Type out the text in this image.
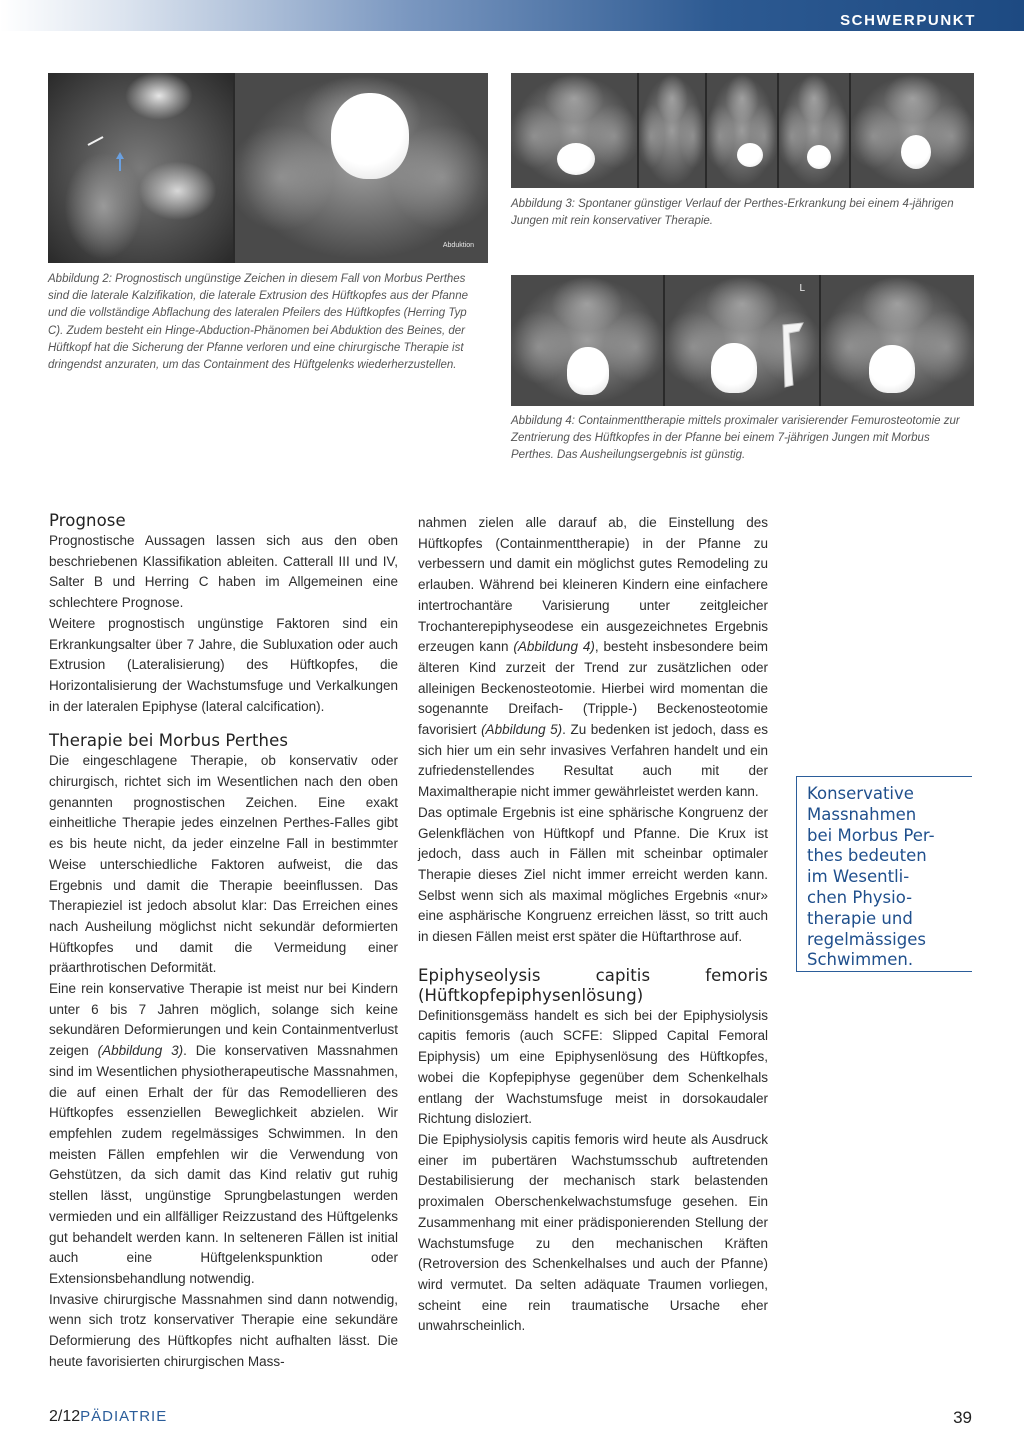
SCHWERPUNKT
Abduktion

Abbildung 2: Prognostisch ungünstige Zeichen in diesem Fall von Morbus Perthes sind die laterale Kalzifikation, die laterale Extrusion des Hüftkopfes aus der Pfanne und die vollständige Abflachung des lateralen Pfeilers des Hüftkopfes (Herring Typ C). Zudem besteht ein Hinge-Abduction-Phänomen bei Abduktion des Beines, der Hüftkopf hat die Sicherung der Pfanne verloren und eine chirurgische Therapie ist dringendst anzuraten, um das Containment des Hüftgelenks wiederherzustellen.

Abbildung 3: Spontaner günstiger Verlauf der Perthes-Erkrankung bei einem 4-jährigen Jungen mit rein konservativer Therapie.

L

Abbildung 4: Containmenttherapie mittels proximaler varisierender Femurosteotomie zur Zentrierung des Hüftkopfes in der Pfanne bei einem 7-jährigen Jungen mit Morbus Perthes. Das Ausheilungsergebnis ist günstig.

Prognose

Prognostische Aussagen lassen sich aus den oben beschriebenen Klassifikation ableiten. Catterall III und IV, Salter B und Herring C haben im Allgemeinen eine schlechtere Prognose.

Weitere prognostisch ungünstige Faktoren sind ein Erkrankungsalter über 7 Jahre, die Subluxation oder auch Extrusion (Lateralisierung) des Hüftkopfes, die Horizontalisierung der Wachstumsfuge und Verkalkungen in der lateralen Epiphyse (lateral calcification).

Therapie bei Morbus Perthes

Die eingeschlagene Therapie, ob konservativ oder chirurgisch, richtet sich im Wesentlichen nach den oben genannten prognostischen Zeichen. Eine exakt einheitliche Therapie jedes einzelnen Perthes-Falles gibt es bis heute nicht, da jeder einzelne Fall in bestimmter Weise unterschiedliche Faktoren aufweist, die das Ergebnis und damit die Therapie beeinflussen. Das Therapieziel ist jedoch absolut klar: Das Erreichen eines nach Ausheilung möglichst nicht sekundär deformierten Hüftkopfes und damit die Vermeidung einer präarthrotischen Deformität.

Eine rein konservative Therapie ist meist nur bei Kindern unter 6 bis 7 Jahren möglich, solange sich keine sekundären Deformierungen und kein Containmentverlust zeigen (Abbildung 3). Die konservativen Massnahmen sind im Wesentlichen physiotherapeutische Massnahmen, die auf einen Erhalt der für das Remodellieren des Hüftkopfes essenziellen Beweglichkeit abzielen. Wir empfehlen zudem regelmässiges Schwimmen. In den meisten Fällen empfehlen wir die Verwendung von Gehstützen, da sich damit das Kind relativ gut ruhig stellen lässt, ungünstige Sprungbelastungen werden vermieden und ein allfälliger Reizzustand des Hüftgelenks gut behandelt werden kann. In selteneren Fällen ist initial auch eine Hüftgelenkspunktion oder Extensionsbehandlung notwendig.

Invasive chirurgische Massnahmen sind dann notwendig, wenn sich trotz konservativer Therapie eine sekundäre Deformierung des Hüftkopfes nicht aufhalten lässt. Die heute favorisierten chirurgischen Mass-

nahmen zielen alle darauf ab, die Einstellung des Hüftkopfes (Containmenttherapie) in der Pfanne zu verbessern und damit ein möglichst gutes Remodeling zu erlauben. Während bei kleineren Kindern eine einfachere intertrochantäre Varisierung unter zeitgleicher Trochanterepiphyseodese ein ausgezeichnetes Ergebnis erzeugen kann (Abbildung 4), besteht insbesondere beim älteren Kind zurzeit der Trend zur zusätzlichen oder alleinigen Beckenosteotomie. Hierbei wird momentan die sogenannte Dreifach- (Tripple-) Beckenosteotomie favorisiert (Abbildung 5). Zu bedenken ist jedoch, dass es sich hier um ein sehr invasives Verfahren handelt und ein zufriedenstellendes Resultat auch mit der Maximaltherapie nicht immer gewährleistet werden kann.

Das optimale Ergebnis ist eine sphärische Kongruenz der Gelenkflächen von Hüftkopf und Pfanne. Die Krux ist jedoch, dass auch in Fällen mit scheinbar optimaler Therapie dieses Ziel nicht immer erreicht werden kann. Selbst wenn sich als maximal mögliches Ergebnis «nur» eine asphärische Kongruenz erreichen lässt, so tritt auch in diesen Fällen meist erst später die Hüftarthrose auf.

Epiphyseolysis capitis femoris (Hüftkopfepiphysenlösung)

Definitionsgemäss handelt es sich bei der Epiphysiolysis capitis femoris (auch SCFE: Slipped Capital Femoral Epiphysis) um eine Epiphysenlösung des Hüftkopfes, wobei die Kopfepiphyse gegenüber dem Schenkelhals entlang der Wachstumsfuge meist in dorsokaudaler Richtung disloziert.

Die Epiphysiolysis capitis femoris wird heute als Ausdruck einer im pubertären Wachstumsschub auftretenden Destabilisierung der mechanisch stark belastenden proximalen Oberschenkelwachstumsfuge gesehen. Ein Zusammenhang mit einer prädisponierenden Stellung der Wachstumsfuge zu den mechanischen Kräften (Retroversion des Schenkelhalses und auch der Pfanne) wird vermutet. Da selten adäquate Traumen vorliegen, scheint eine rein traumatische Ursache eher unwahrscheinlich.

Konservative
Massnahmen
bei Morbus Per-
thes bedeuten
im Wesentli-
chen Physio-
therapie und
regelmässiges
Schwimmen.
2/12PÄDIATRIE	39
